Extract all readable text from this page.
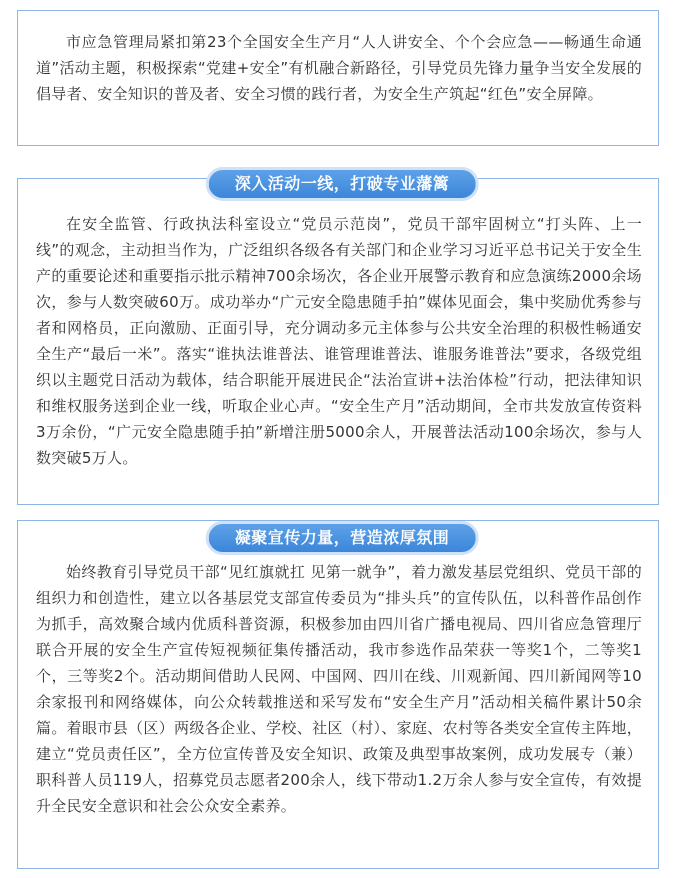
市应急管理局紧扣第23个全国安全生产月“人人讲安全、个个会应急——畅通生命通道”活动主题，积极探索“党建+安全”有机融合新路径，引导党员先锋力量争当安全发展的倡导者、安全知识的普及者、安全习惯的践行者，为安全生产筑起“红色”安全屏障。

在安全监管、行政执法科室设立“党员示范岗”，党员干部牢固树立“打头阵、上一线”的观念，主动担当作为，广泛组织各级各有关部门和企业学习习近平总书记关于安全生产的重要论述和重要指示批示精神700余场次，各企业开展警示教育和应急演练2000余场次，参与人数突破60万。成功举办“广元安全隐患随手拍”媒体见面会，集中奖励优秀参与者和网格员，正向激励、正面引导，充分调动多元主体参与公共安全治理的积极性畅通安全生产“最后一米”。落实“谁执法谁普法、谁管理谁普法、谁服务谁普法”要求，各级党组织以主题党日活动为载体，结合职能开展进民企“法治宣讲+法治体检”行动，把法律知识和维权服务送到企业一线，听取企业心声。“安全生产月”活动期间，全市共发放宣传资料3万余份，“广元安全隐患随手拍”新增注册5000余人，开展普法活动100余场次，参与人数突破5万人。

深入活动一线，打破专业藩篱

始终教育引导党员干部“见红旗就扛 见第一就争”，着力激发基层党组织、党员干部的组织力和创造性，建立以各基层党支部宣传委员为“排头兵”的宣传队伍，以科普作品创作为抓手，高效聚合域内优质科普资源，积极参加由四川省广播电视局、四川省应急管理厅联合开展的安全生产宣传短视频征集传播活动，我市参选作品荣获一等奖1个，二等奖1个，三等奖2个。活动期间借助人民网、中国网、四川在线、川观新闻、四川新闻网等10余家报刊和网络媒体，向公众转载推送和采写发布“安全生产月”活动相关稿件累计50余篇。着眼市县（区）两级各企业、学校、社区（村）、家庭、农村等各类安全宣传主阵地，建立“党员责任区”，全方位宣传普及安全知识、政策及典型事故案例，成功发展专（兼）职科普人员119人，招募党员志愿者200余人，线下带动1.2万余人参与安全宣传，有效提升全民安全意识和社会公众安全素养。

凝聚宣传力量，营造浓厚氛围
